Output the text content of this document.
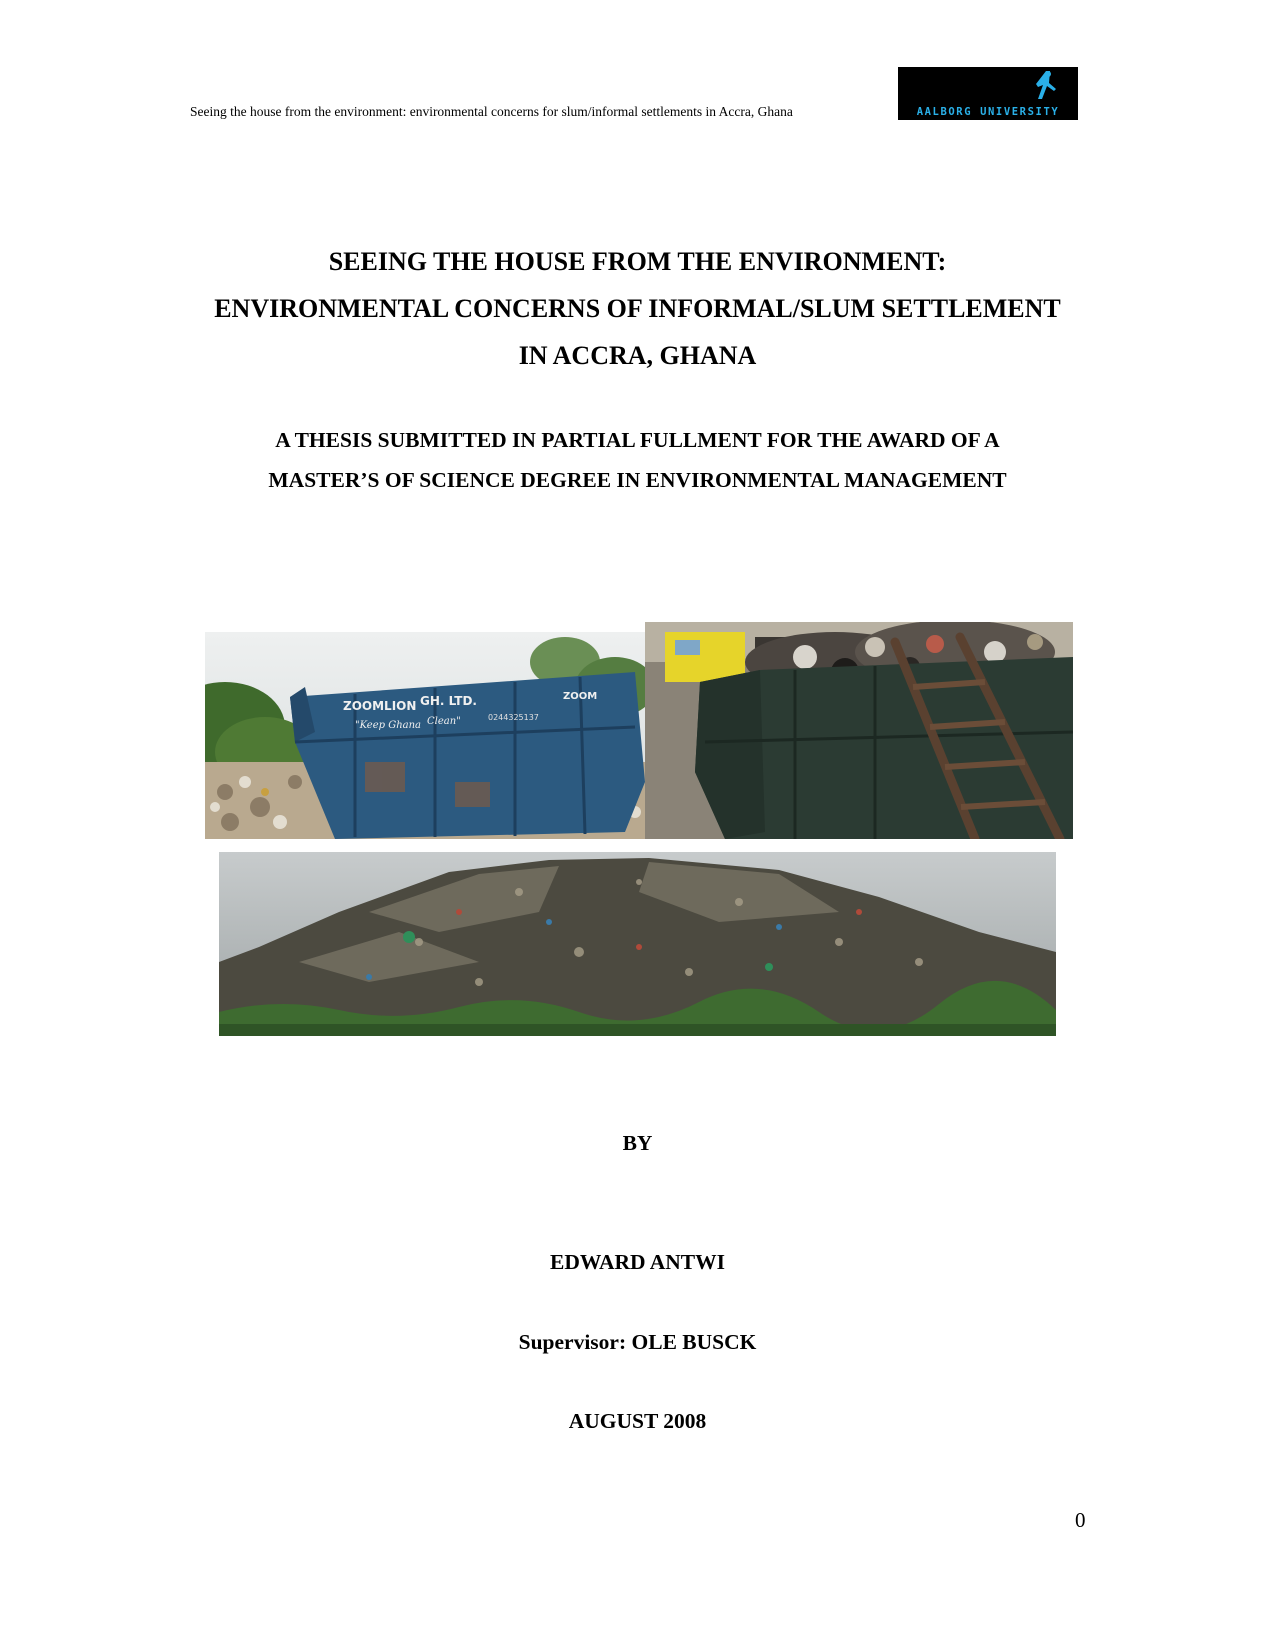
Seeing the house from the environment: environmental concerns for slum/informal settlements in Accra, Ghana	AALBORG UNIVERSITY
SEEING THE HOUSE FROM THE ENVIRONMENT:
ENVIRONMENTAL CONCERNS OF INFORMAL/SLUM SETTLEMENT
IN ACCRA, GHANA
A THESIS SUBMITTED IN PARTIAL FULLMENT FOR THE AWARD OF A
MASTER’S OF SCIENCE DEGREE IN ENVIRONMENTAL MANAGEMENT
ZOOMLION GH. LTD.	ZOOM
"Keep Ghana Clean"	0244325137
BY
EDWARD ANTWI
Supervisor: OLE BUSCK
AUGUST 2008
0
